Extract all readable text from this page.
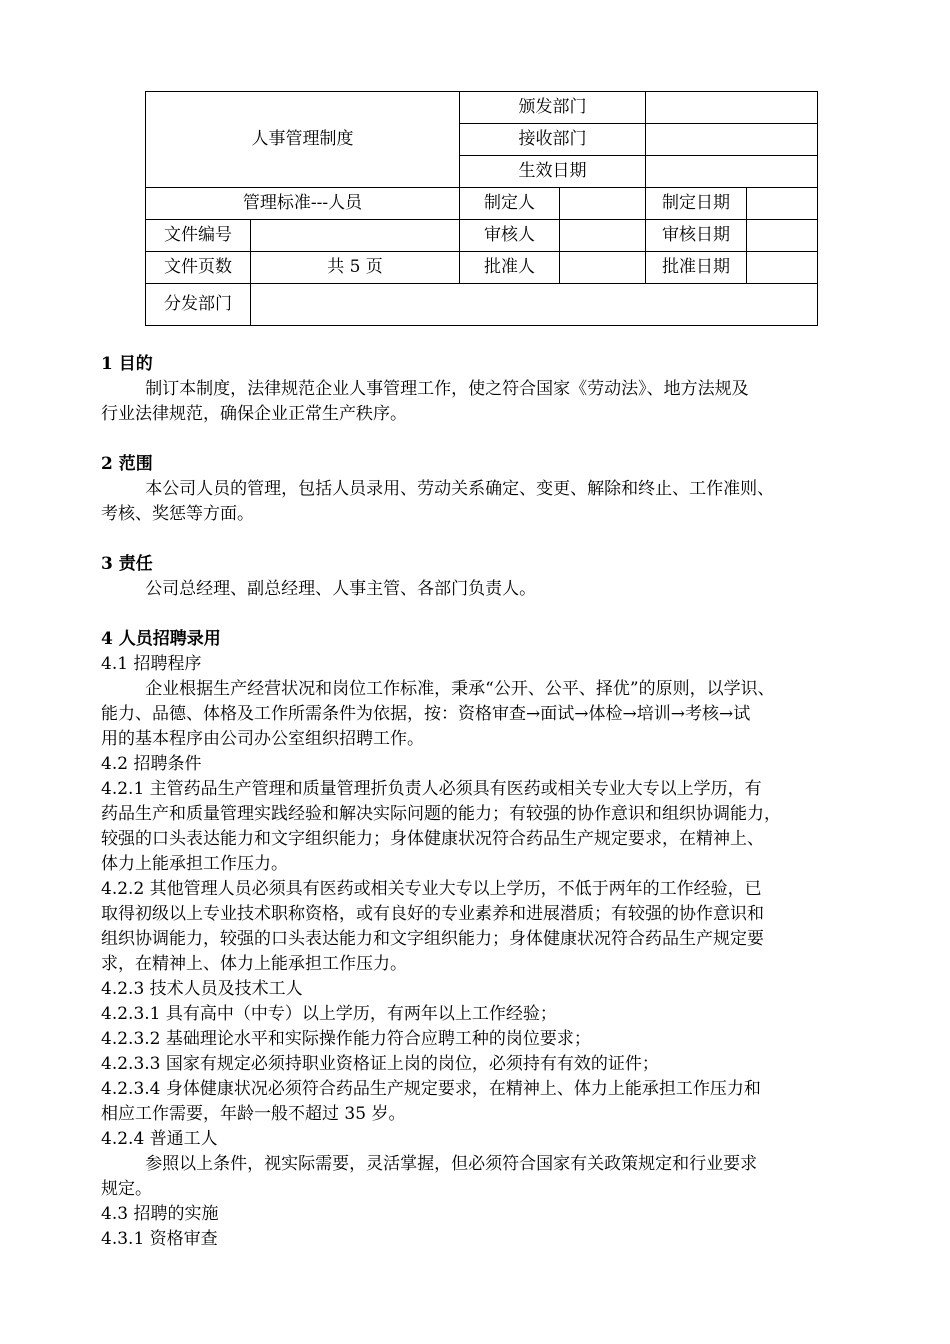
人事管理制度		颁发部门			
		接收部门			
		生效日期			
管理标准---人员		制定人		制定日期	
文件编号		审核人		审核日期	
文件页数	共 5 页	批准人		批准日期	
分发部门					
1 目的
制订本制度，法律规范企业人事管理工作，使之符合国家《劳动法》、地方法规及
行业法律规范，确保企业正常生产秩序。
2 范围
本公司人员的管理，包括人员录用、劳动关系确定、变更、解除和终止、工作准则、
考核、奖惩等方面。
3 责任
公司总经理、副总经理、人事主管、各部门负责人。
4 人员招聘录用
4.1 招聘程序
企业根据生产经营状况和岗位工作标准，秉承“公开、公平、择优”的原则，以学识、
能力、品德、体格及工作所需条件为依据，按：资格审查→面试→体检→培训→考核→试
用的基本程序由公司办公室组织招聘工作。
4.2 招聘条件
4.2.1 主管药品生产管理和质量管理折负责人必须具有医药或相关专业大专以上学历，有
药品生产和质量管理实践经验和解决实际问题的能力；有较强的协作意识和组织协调能力，
较强的口头表达能力和文字组织能力；身体健康状况符合药品生产规定要求，在精神上、
体力上能承担工作压力。
4.2.2 其他管理人员必须具有医药或相关专业大专以上学历，不低于两年的工作经验，已
取得初级以上专业技术职称资格，或有良好的专业素养和进展潜质；有较强的协作意识和
组织协调能力，较强的口头表达能力和文字组织能力；身体健康状况符合药品生产规定要
求，在精神上、体力上能承担工作压力。
4.2.3 技术人员及技术工人
4.2.3.1 具有高中（中专）以上学历，有两年以上工作经验；
4.2.3.2 基础理论水平和实际操作能力符合应聘工种的岗位要求；
4.2.3.3 国家有规定必须持职业资格证上岗的岗位，必须持有有效的证件；
4.2.3.4 身体健康状况必须符合药品生产规定要求，在精神上、体力上能承担工作压力和
相应工作需要，年龄一般不超过 35 岁。
4.2.4 普通工人
参照以上条件，视实际需要，灵活掌握，但必须符合国家有关政策规定和行业要求
规定。
4.3 招聘的实施
4.3.1 资格审查
